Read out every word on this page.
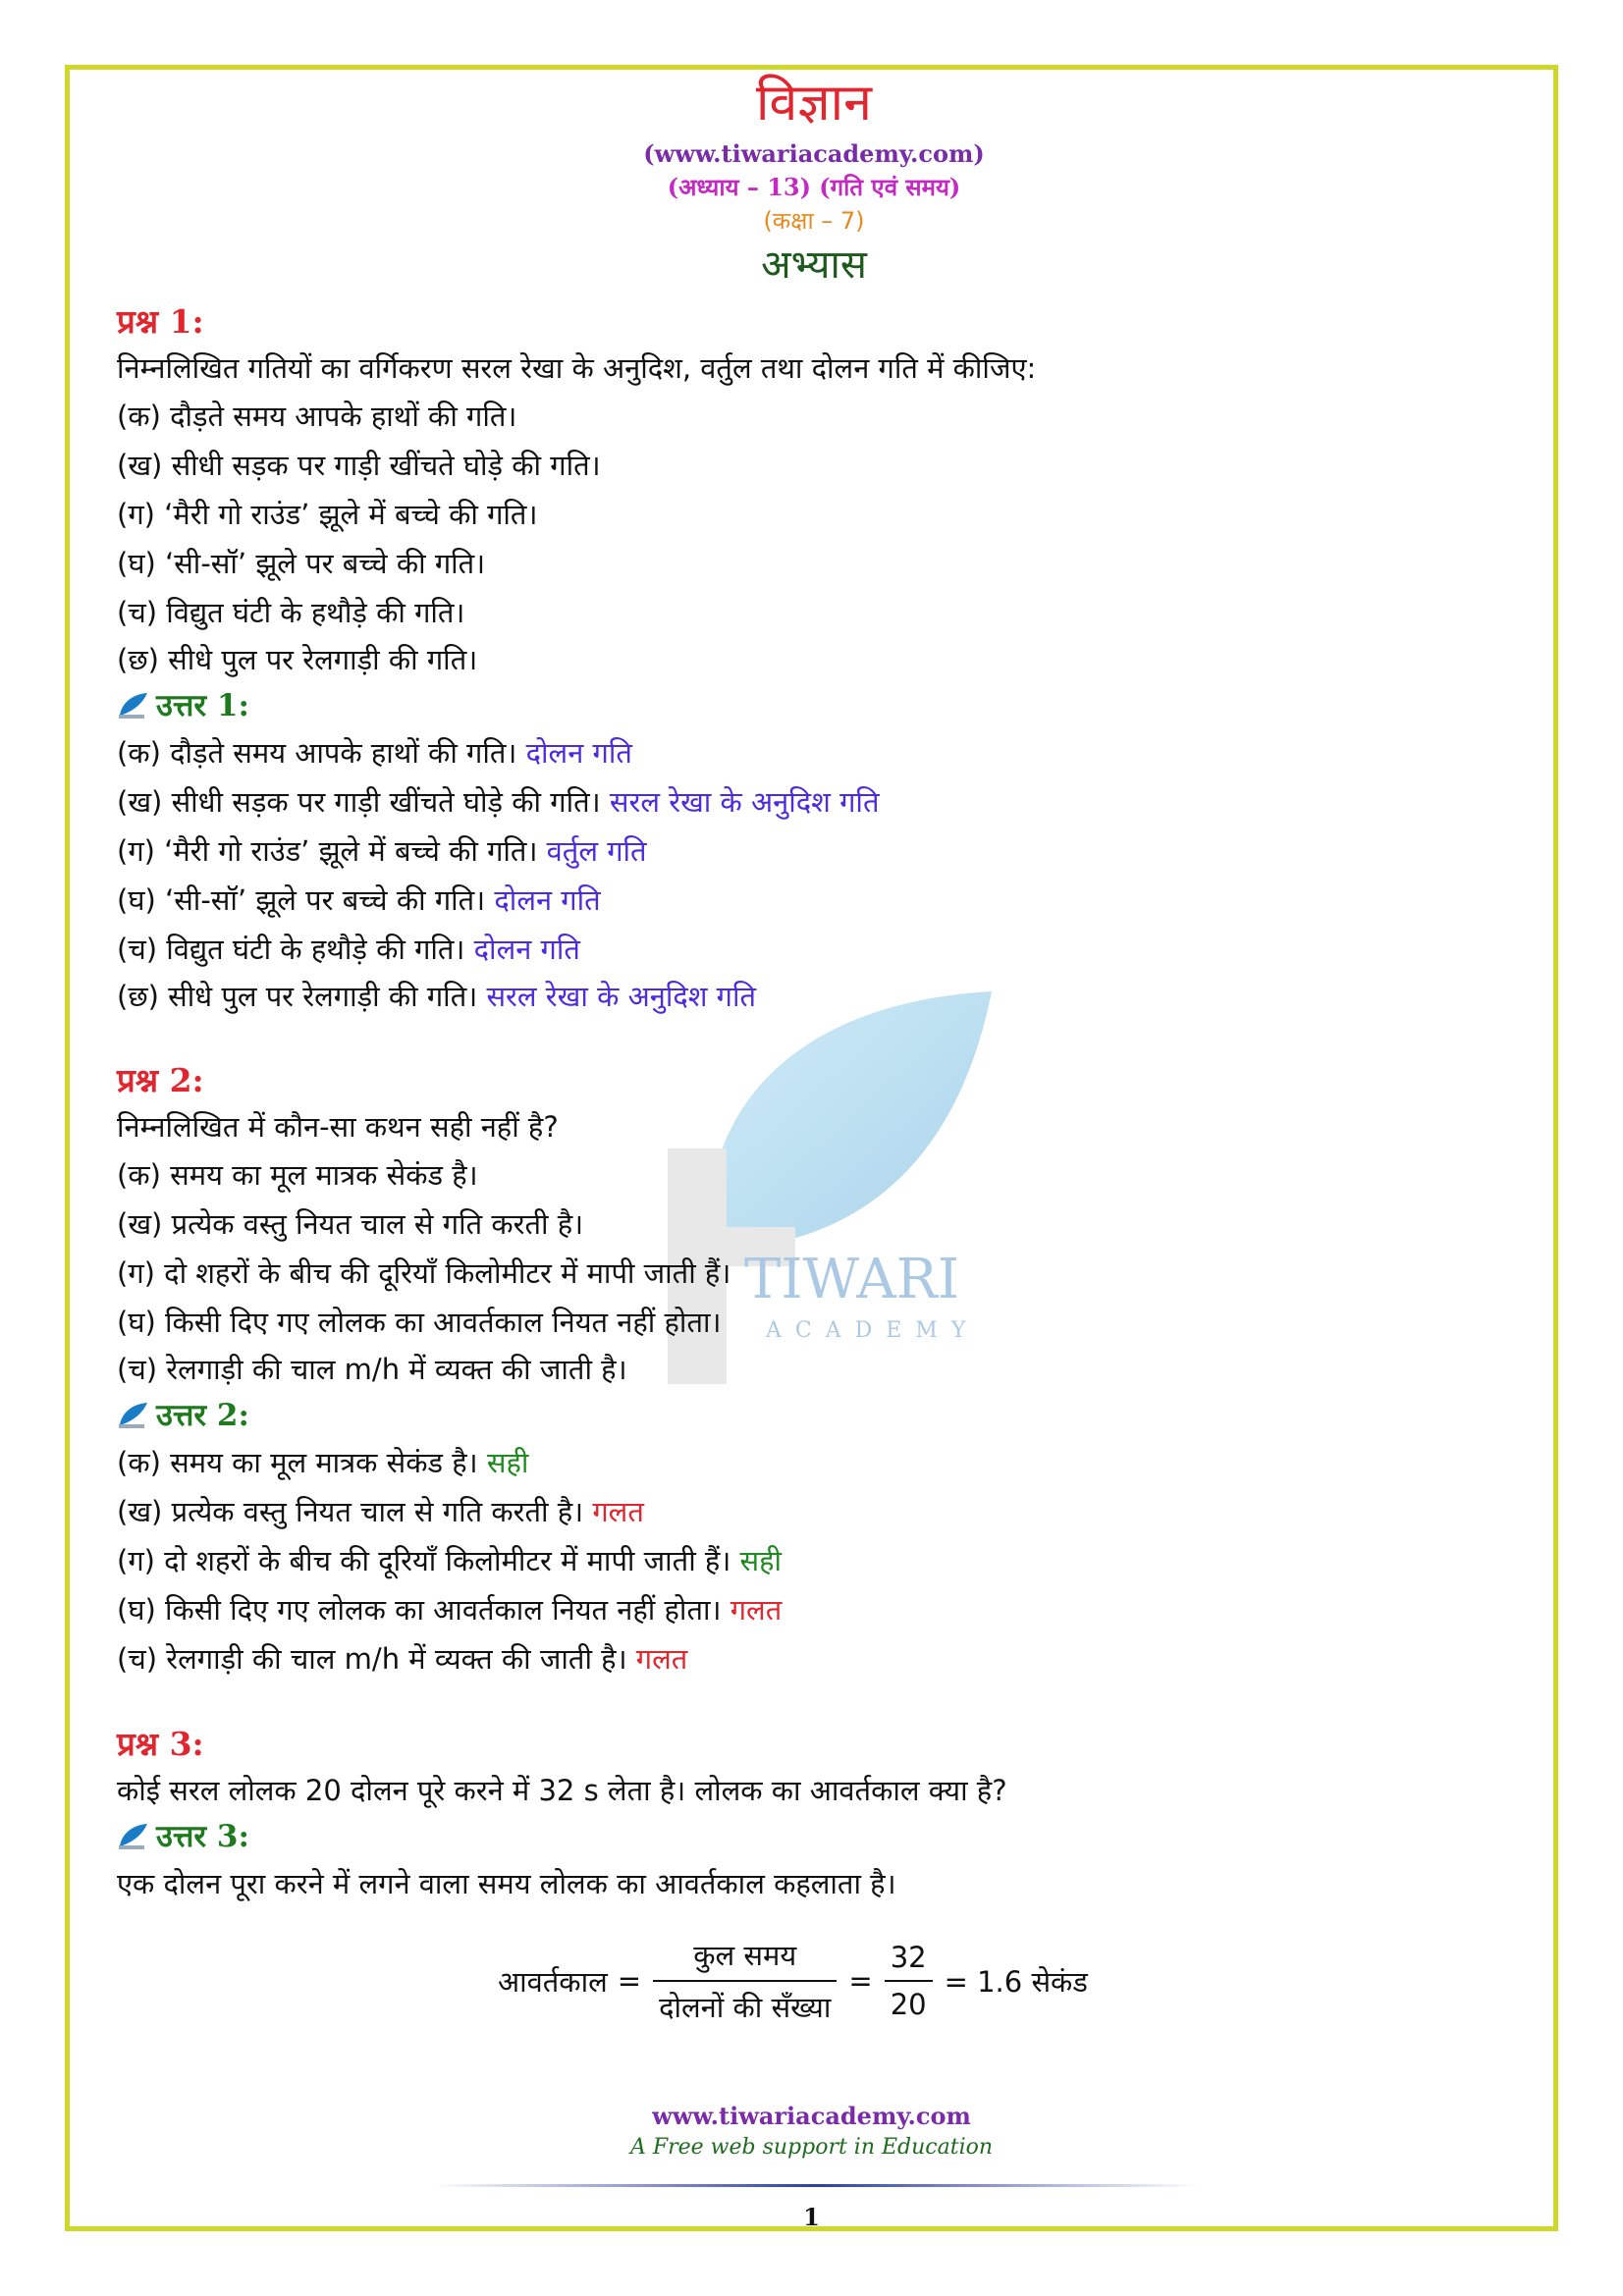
TIWARI
ACADEMY
विज्ञान
(www.tiwariacademy.com)
(अध्याय – 13) (गति एवं समय)
(कक्षा – 7)
अभ्यास
प्रश्न 1:
निम्नलिखित गतियों का वर्गिकरण सरल रेखा के अनुदिश, वर्तुल तथा दोलन गति में कीजिए:
(क) दौड़ते समय आपके हाथों की गति।
(ख) सीधी सड़क पर गाड़ी खींचते घोड़े की गति।
(ग) ‘मैरी गो राउंड’ झूले में बच्चे की गति।
(घ) ‘सी-सॉ’ झूले पर बच्चे की गति।
(च) विद्युत घंटी के हथौड़े की गति।
(छ) सीधे पुल पर रेलगाड़ी की गति।
उत्तर 1:
(क) दौड़ते समय आपके हाथों की गति। दोलन गति
(ख) सीधी सड़क पर गाड़ी खींचते घोड़े की गति। सरल रेखा के अनुदिश गति
(ग) ‘मैरी गो राउंड’ झूले में बच्चे की गति। वर्तुल गति
(घ) ‘सी-सॉ’ झूले पर बच्चे की गति। दोलन गति
(च) विद्युत घंटी के हथौड़े की गति। दोलन गति
(छ) सीधे पुल पर रेलगाड़ी की गति। सरल रेखा के अनुदिश गति
प्रश्न 2:
निम्नलिखित में कौन-सा कथन सही नहीं है?
(क) समय का मूल मात्रक सेकंड है।
(ख) प्रत्येक वस्तु नियत चाल से गति करती है।
(ग) दो शहरों के बीच की दूरियाँ किलोमीटर में मापी जाती हैं।
(घ) किसी दिए गए लोलक का आवर्तकाल नियत नहीं होता।
(च) रेलगाड़ी की चाल m/h में व्यक्त की जाती है।
उत्तर 2:
(क) समय का मूल मात्रक सेकंड है। सही
(ख) प्रत्येक वस्तु नियत चाल से गति करती है। गलत
(ग) दो शहरों के बीच की दूरियाँ किलोमीटर में मापी जाती हैं। सही
(घ) किसी दिए गए लोलक का आवर्तकाल नियत नहीं होता। गलत
(च) रेलगाड़ी की चाल m/h में व्यक्त की जाती है। गलत
प्रश्न 3:
कोई सरल लोलक 20 दोलन पूरे करने में 32 s लेता है। लोलक का आवर्तकाल क्या है?
उत्तर 3:
एक दोलन पूरा करने में लगने वाला समय लोलक का आवर्तकाल कहलाता है।
आवर्तकाल = $\frac{\text{कुल समय}}{\text{दोलनों की सँख्या}} = \frac{32}{20} = 1.6$ सेकंड
www.tiwariacademy.com
A Free web support in Education
1
